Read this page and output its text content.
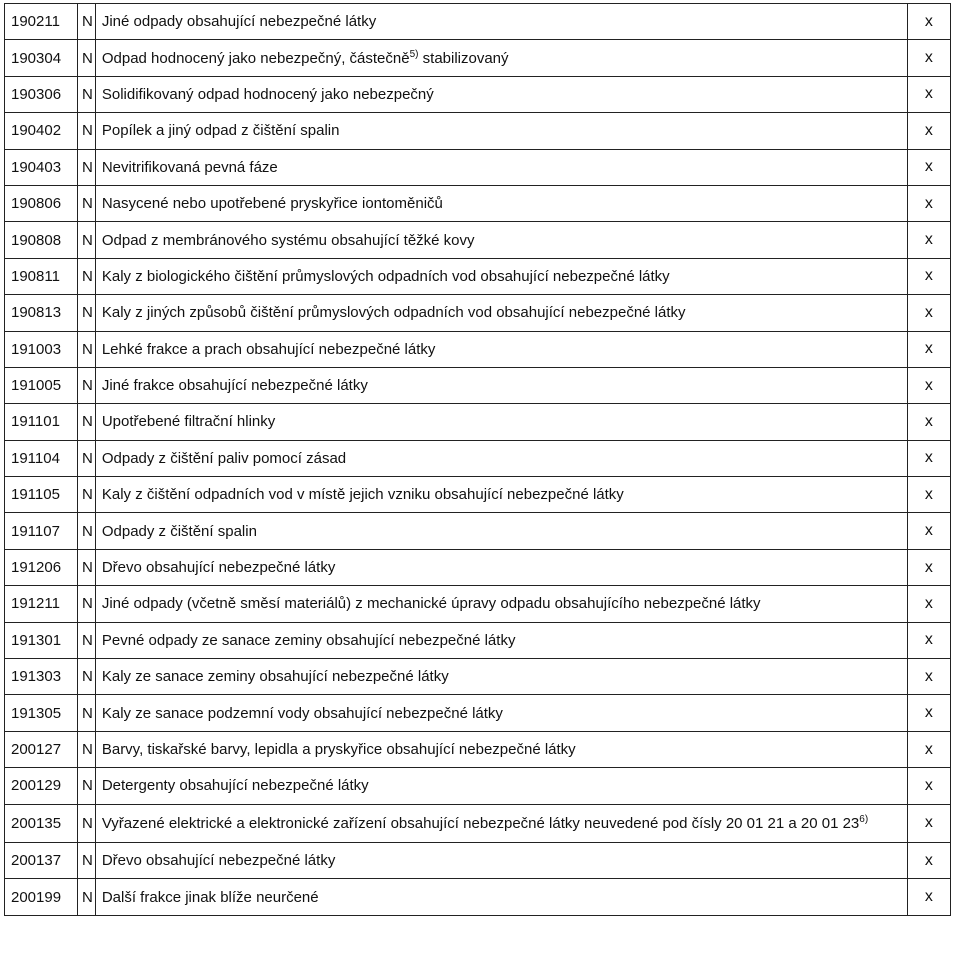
190211	N	Jiné odpady obsahující nebezpečné látky	x
190304	N	Odpad hodnocený jako nebezpečný, částečně$^{5)}$ stabilizovaný	x
190306	N	Solidifikovaný odpad hodnocený jako nebezpečný	x
190402	N	Popílek a jiný odpad z čištění spalin	x
190403	N	Nevitrifikovaná pevná fáze	x
190806	N	Nasycené nebo upotřebené pryskyřice iontoměničů	x
190808	N	Odpad z membránového systému obsahující těžké kovy	x
190811	N	Kaly z biologického čištění průmyslových odpadních vod obsahující nebezpečné látky	x
190813	N	Kaly z jiných způsobů čištění průmyslových odpadních vod obsahující nebezpečné látky	x
191003	N	Lehké frakce a prach obsahující nebezpečné látky	x
191005	N	Jiné frakce obsahující nebezpečné látky	x
191101	N	Upotřebené filtrační hlinky	x
191104	N	Odpady z čištění paliv pomocí zásad	x
191105	N	Kaly z čištění odpadních vod v místě jejich vzniku obsahující nebezpečné látky	x
191107	N	Odpady z čištění spalin	x
191206	N	Dřevo obsahující nebezpečné látky	x
191211	N	Jiné odpady (včetně směsí materiálů) z mechanické úpravy odpadu obsahujícího nebezpečné látky	x
191301	N	Pevné odpady ze sanace zeminy obsahující nebezpečné látky	x
191303	N	Kaly ze sanace zeminy obsahující nebezpečné látky	x
191305	N	Kaly ze sanace podzemní vody obsahující nebezpečné látky	x
200127	N	Barvy, tiskařské barvy, lepidla a pryskyřice obsahující nebezpečné látky	x
200129	N	Detergenty obsahující nebezpečné látky	x
200135	N	Vyřazené elektrické a elektronické zařízení obsahující nebezpečné látky neuvedené pod čísly 20 01 21 a 20 01 23$^{6)}$	x
200137	N	Dřevo obsahující nebezpečné látky	x
200199	N	Další frakce jinak blíže neurčené	x
